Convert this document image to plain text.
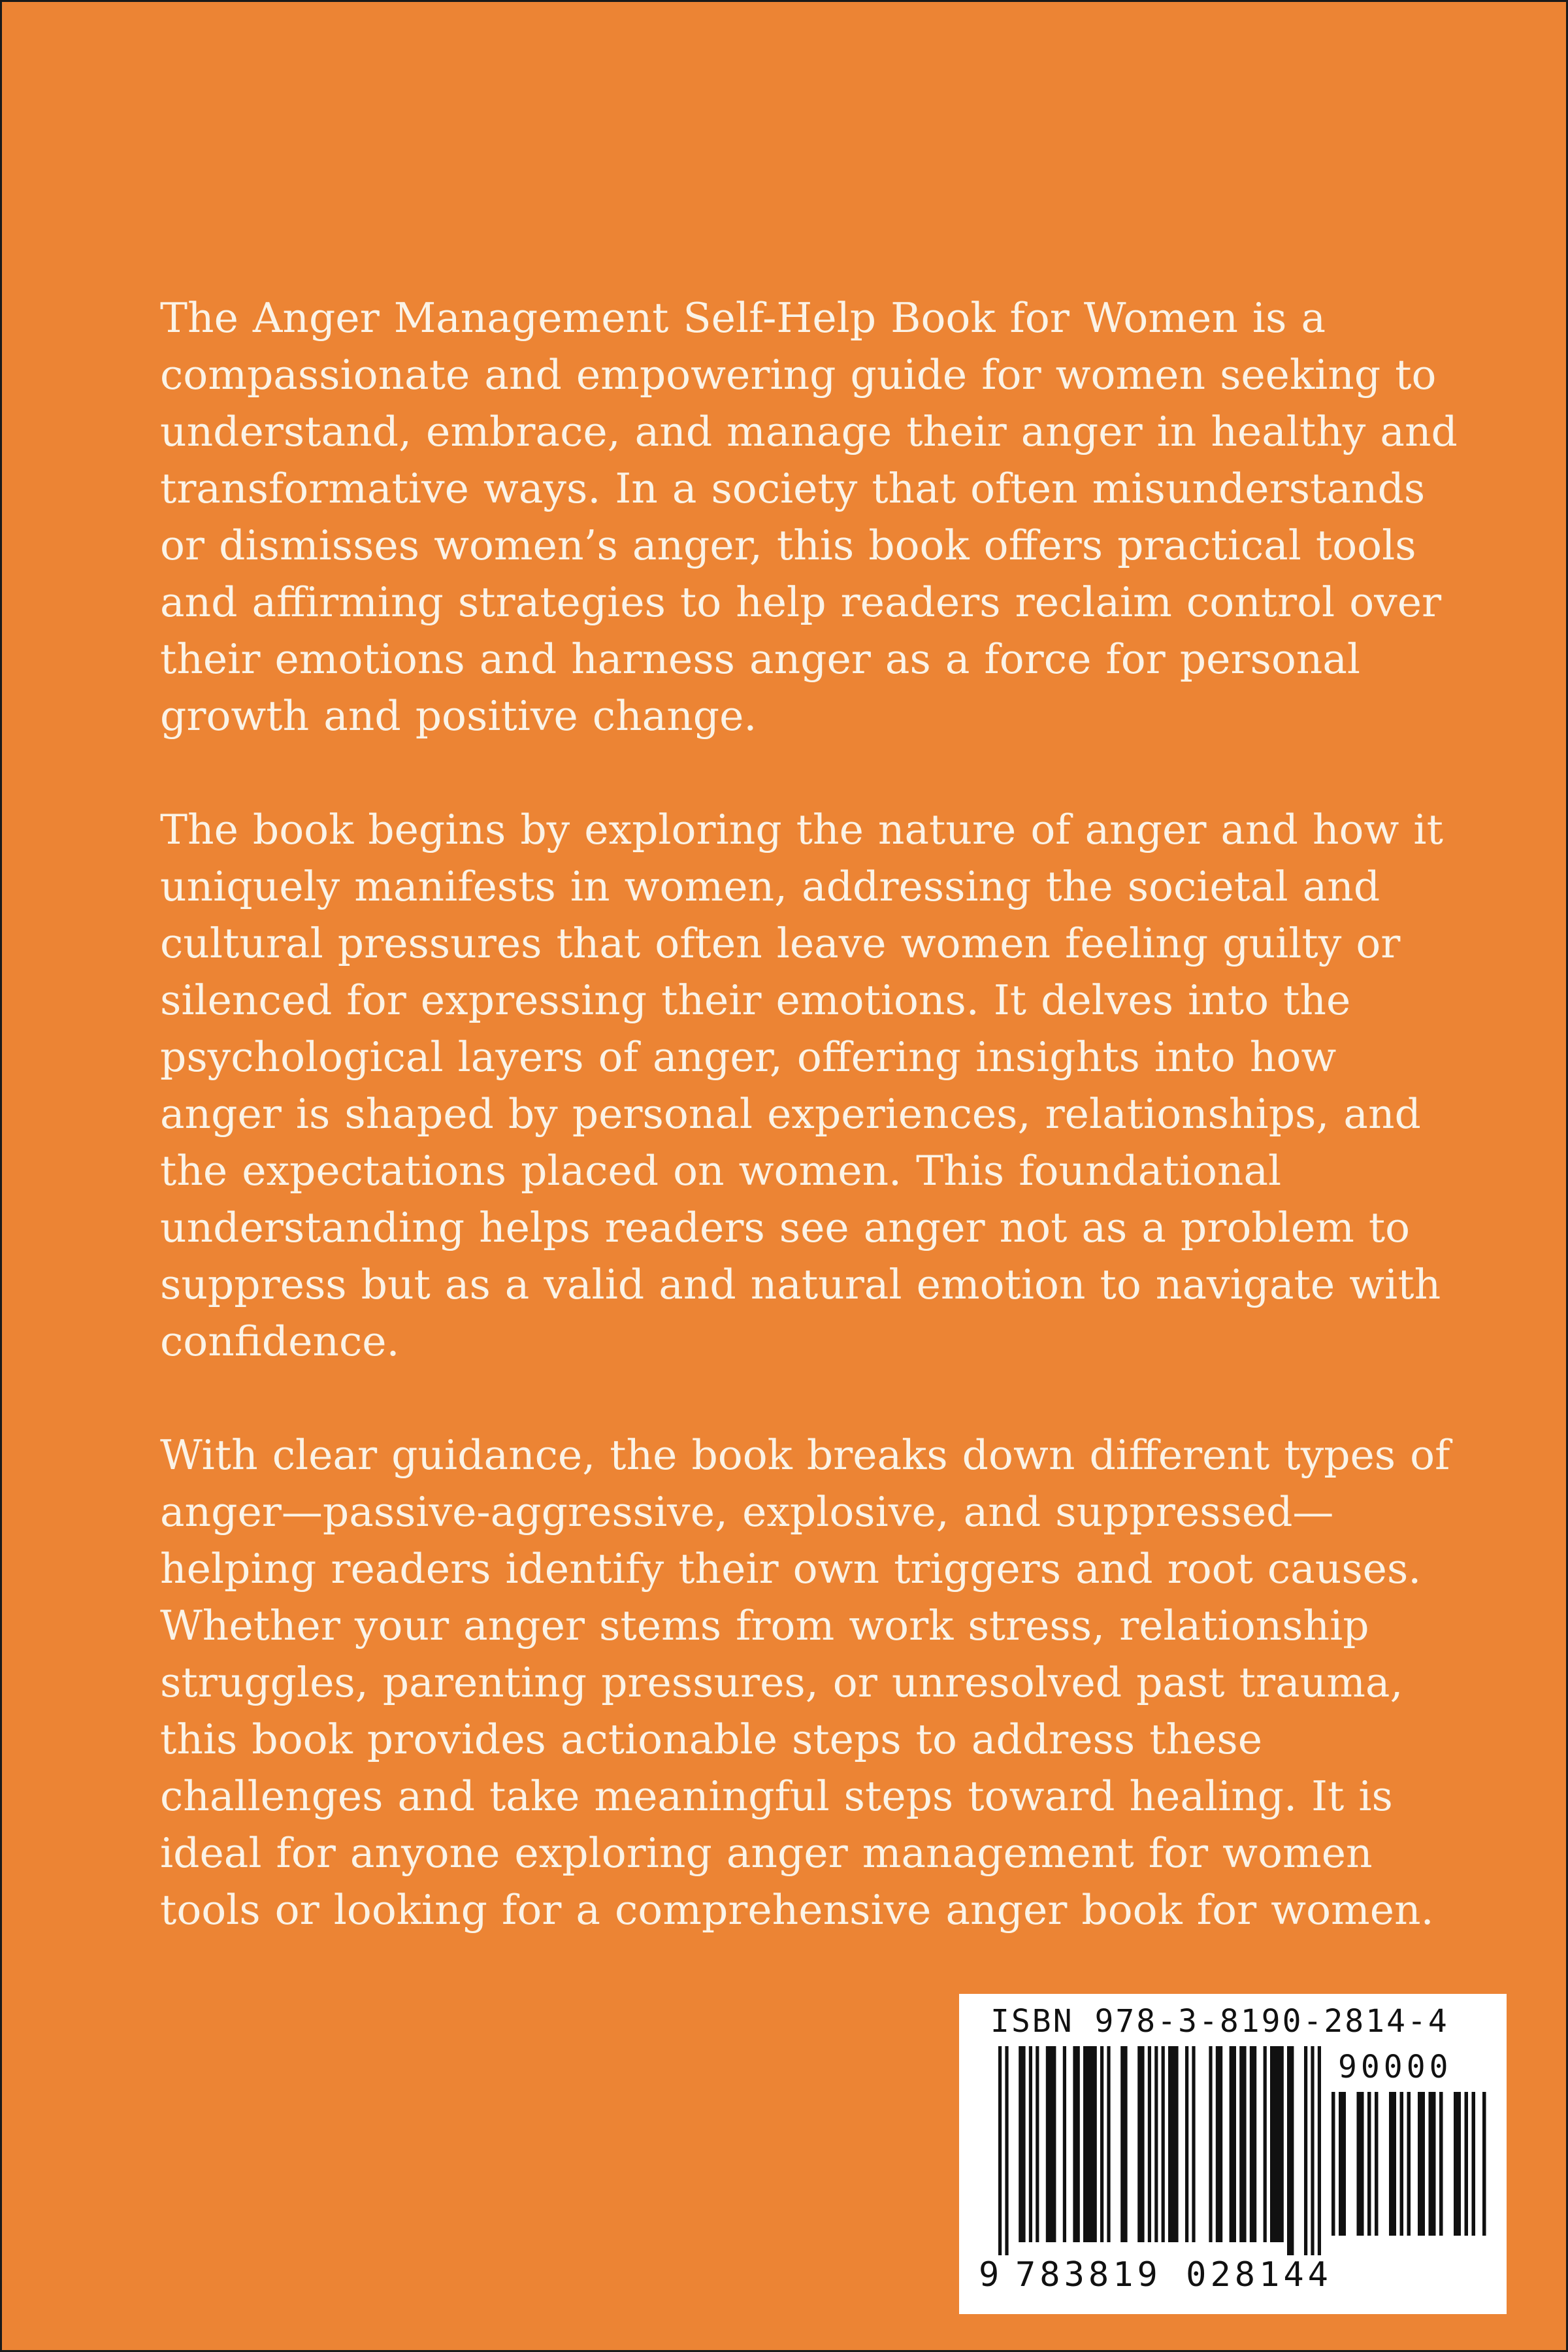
The Anger Management Self-Help Book for Women is a compassionate and empowering guide for women seeking to understand, embrace, and manage their anger in healthy and transformative ways. In a society that often misunderstands or dismisses women’s anger, this book offers practical tools and affirming strategies to help readers reclaim control over their emotions and harness anger as a force for personal growth and positive change.

The book begins by exploring the nature of anger and how it uniquely manifests in women, addressing the societal and cultural pressures that often leave women feeling guilty or silenced for expressing their emotions. It delves into the psychological layers of anger, offering insights into how anger is shaped by personal experiences, relationships, and the expectations placed on women. This foundational understanding helps readers see anger not as a problem to suppress but as a valid and natural emotion to navigate with confidence.

With clear guidance, the book breaks down different types of anger—passive-aggressive, explosive, and suppressed—helping readers identify their own triggers and root causes. Whether your anger stems from work stress, relationship struggles, parenting pressures, or unresolved past trauma, this book provides actionable steps to address these challenges and take meaningful steps toward healing. It is ideal for anyone exploring anger management for women tools or looking for a comprehensive anger book for women.

ISBN 978-3-8190-2814-4
90000
9 783819 028144
